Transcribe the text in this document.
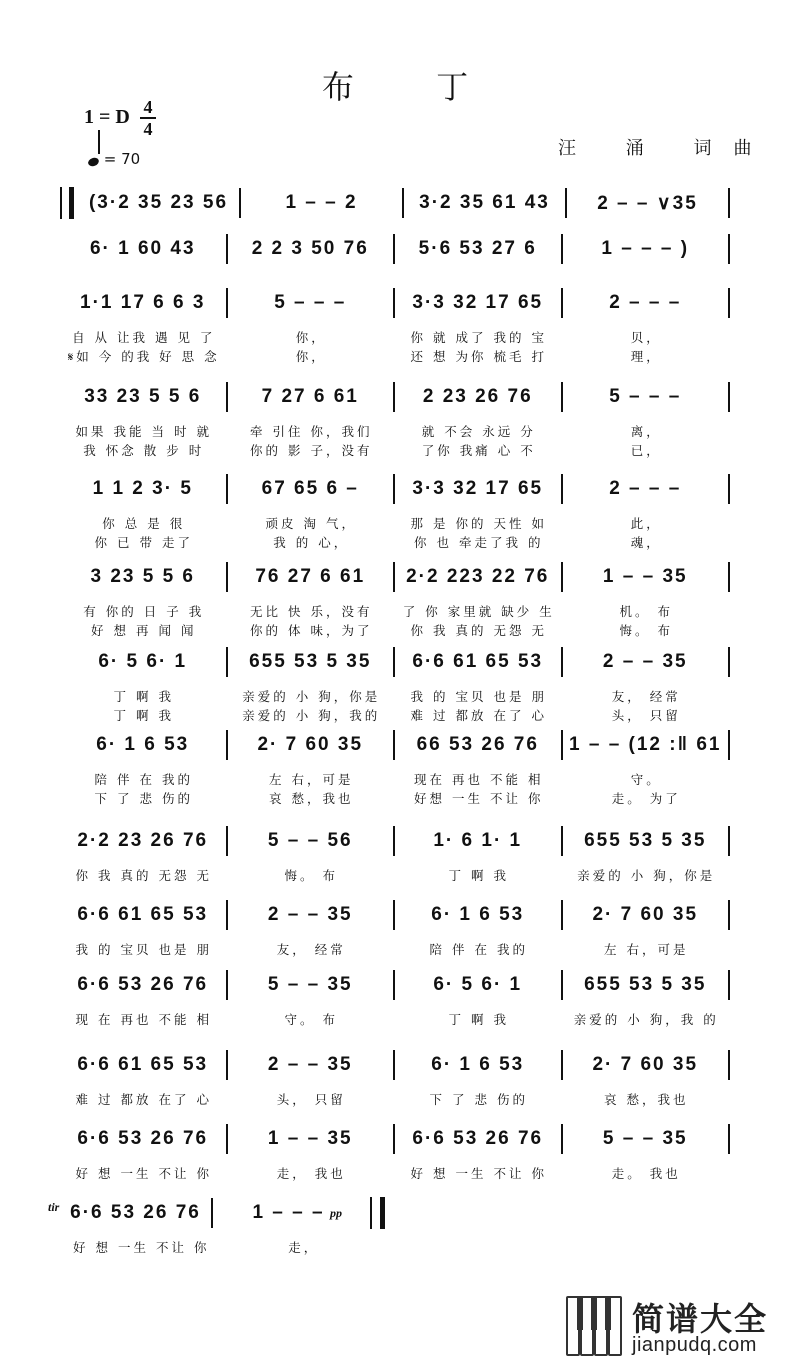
布 丁
1 = D 4
4
= 70	汪 涌 词曲
(3·2 35 23 56	1 – – 2	3·2 35 61 43	2 – – ∨35
6· 1 60 43	2 2 3 50 76	5·6 53 27 6	1 – – – )
1·1 17 6 6 3	5 – – –	3·3 32 17 65	2 – – –
自 从 让我 遇 见 了	你，	你 就 成了 我的 宝	贝，
𝄋如 今 的我 好 思 念	你，	还 想 为你 梳毛 打	理，
33 23 5 5 6	7 27 6 61	2 23 26 76	5 – – –
如果 我能 当 时 就	牵 引住 你，我们	就 不会 永远 分	离，
我 怀念 散 步 时	你的 影 子，没有	了你 我痛 心 不	已，
1 1 2 3· 5	67 65 6 –	3·3 32 17 65	2 – – –
你 总 是 很	顽皮 淘 气，	那 是 你的 天性 如	此，
你 已 带 走了	我 的 心，	你 也 牵走了我 的	魂，
3 23 5 5 6	76 27 6 61	2·2 223 22 76	1 – – 35
有 你的 日 子 我	无比 快 乐，没有	了 你 家里就 缺少 生	机。 布
好 想 再 闻 闻	你的 体 味，为了	你 我 真的 无怨 无	悔。 布
6· 5 6· 1	655 53 5 35	6·6 61 65 53	2 – – 35
丁 啊 我	亲爱的 小 狗，你是	我 的 宝贝 也是 朋	友， 经常
丁 啊 我	亲爱的 小 狗，我的	难 过 都放 在了 心	头， 只留
6· 1 6 53	2· 7 60 35	66 53 26 76	1 – – (12 :‖ 61
陪 伴 在 我的	左 右，可是	现在 再也 不能 相	守。
下 了 悲 伤的	哀 愁，我也	好想 一生 不让 你	走。 为了
2·2 23 26 76	5 – – 56	1· 6 1· 1	655 53 5 35
你 我 真的 无怨 无	悔。 布	丁 啊 我	亲爱的 小 狗，你是
6·6 61 65 53	2 – – 35	6· 1 6 53	2· 7 60 35
我 的 宝贝 也是 朋	友， 经常	陪 伴 在 我的	左 右，可是
6·6 53 26 76	5 – – 35	6· 5 6· 1	655 53 5 35
现 在 再也 不能 相	守。 布	丁 啊 我	亲爱的 小 狗，我 的
6·6 61 65 53	2 – – 35	6· 1 6 53	2· 7 60 35
难 过 都放 在了 心	头， 只留	下 了 悲 伤的	哀 愁，我也
6·6 53 26 76	1 – – 35	6·6 53 26 76	5 – – 35
好 想 一生 不让 你	走， 我也	好 想 一生 不让 你	走。 我也
6·6 53 26 76	1 – – –
好 想 一生 不让 你	走，
tir	pp
简谱大全
jianpudq.com
